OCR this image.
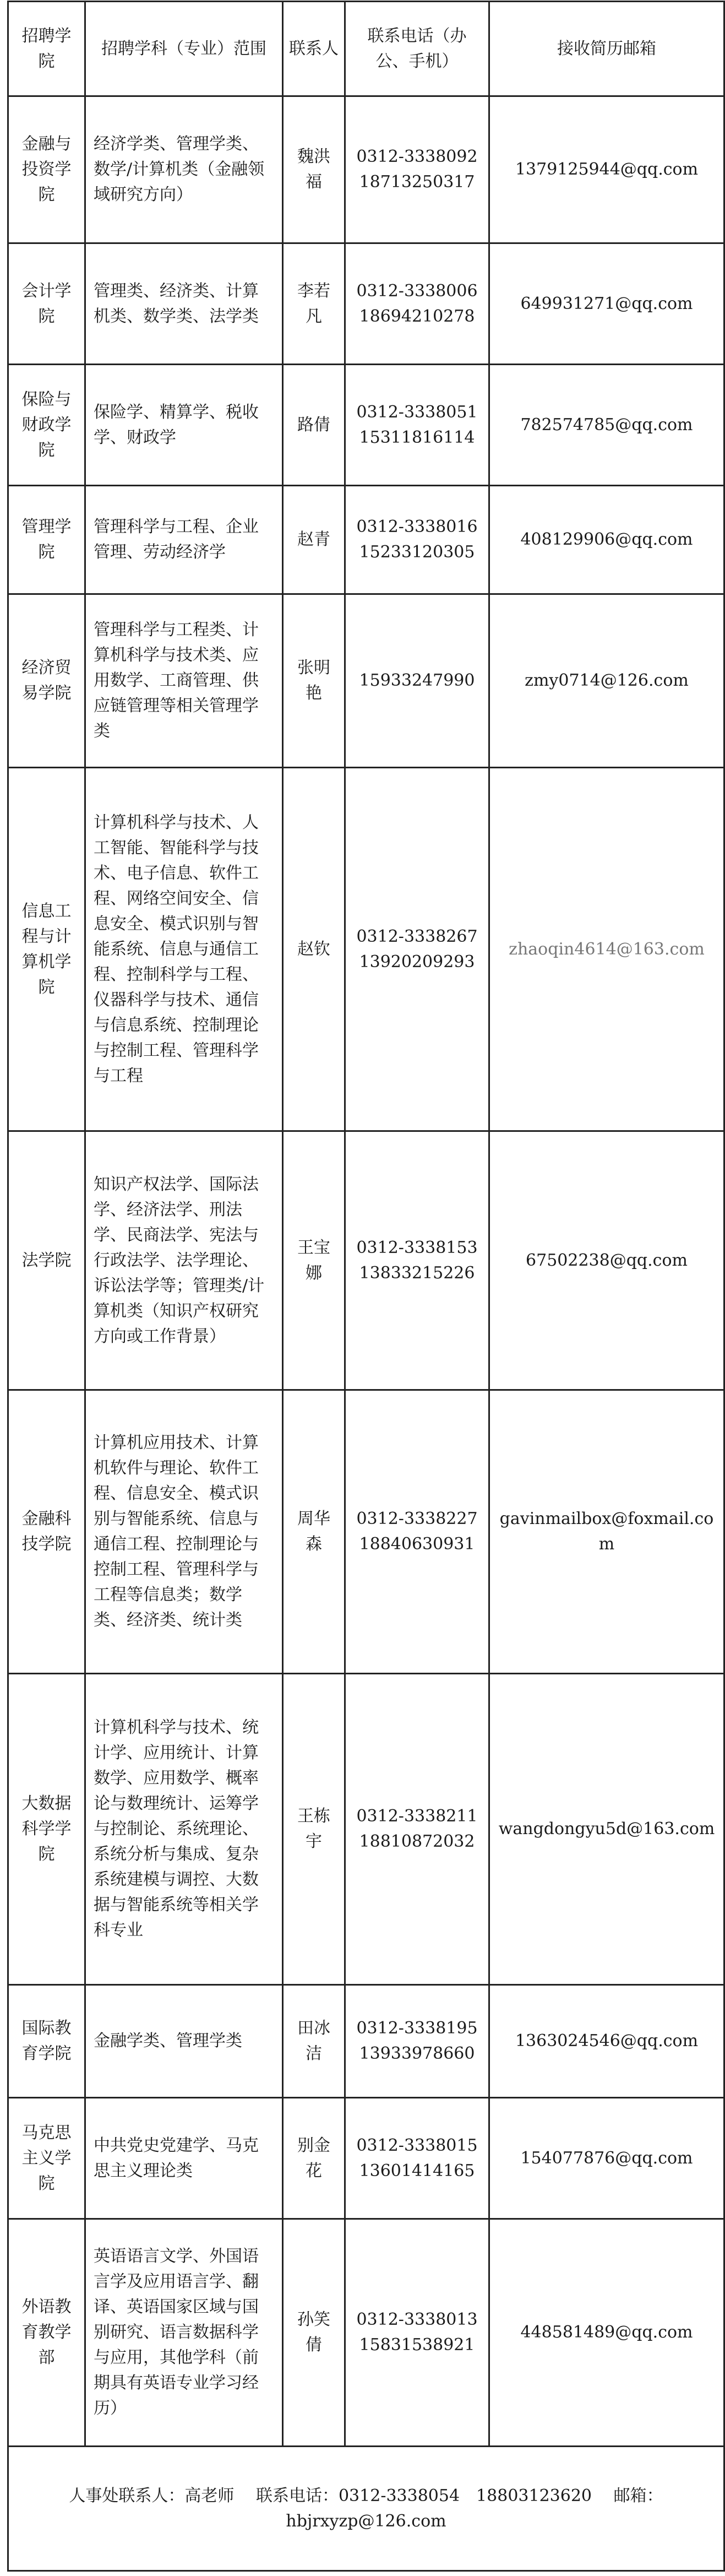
招聘学院	招聘学科（专业）范围	联系人	联系电话（办公、手机）	接收简历邮箱
金融与投资学院	经济学类、管理学类、数学/计算机类（金融领域研究方向）	魏洪福	0312-3338092
18713250317	1379125944@qq.com
会计学院	管理类、经济类、计算机类、数学类、法学类	李若凡	0312-3338006
18694210278	649931271@qq.com
保险与财政学院	保险学、精算学、税收学、财政学	路倩	0312-3338051
15311816114	782574785@qq.com
管理学院	管理科学与工程、企业管理、劳动经济学	赵青	0312-3338016
15233120305	408129906@qq.com
经济贸易学院	管理科学与工程类、计算机科学与技术类、应用数学、工商管理、供应链管理等相关管理学类	张明艳	15933247990	zmy0714@126.com
信息工程与计算机学院	计算机科学与技术、人工智能、智能科学与技术、电子信息、软件工程、网络空间安全、信息安全、模式识别与智能系统、信息与通信工程、控制科学与工程、仪器科学与技术、通信与信息系统、控制理论与控制工程、管理科学与工程	赵钦	0312-3338267
13920209293	zhaoqin4614@163.com
法学院	知识产权法学、国际法学、经济法学、刑法学、民商法学、宪法与行政法学、法学理论、诉讼法学等；管理类/计算机类（知识产权研究方向或工作背景）	王宝娜	0312-3338153
13833215226	67502238@qq.com
金融科技学院	计算机应用技术、计算机软件与理论、软件工程、信息安全、模式识别与智能系统、信息与通信工程、控制理论与控制工程、管理科学与工程等信息类；数学类、经济类、统计类	周华森	0312-3338227
18840630931	gavinmailbox@foxmail.com
大数据科学学院	计算机科学与技术、统计学、应用统计、计算数学、应用数学、概率论与数理统计、运筹学与控制论、系统理论、系统分析与集成、复杂系统建模与调控、大数据与智能系统等相关学科专业	王栋宇	0312-3338211
18810872032	wangdongyu5d@163.com
国际教育学院	金融学类、管理学类	田冰洁	0312-3338195
13933978660	1363024546@qq.com
马克思主义学院	中共党史党建学、马克思主义理论类	别金花	0312-3338015
13601414165	154077876@qq.com
外语教育教学部	英语语言文学、外国语言学及应用语言学、翻译、英语国家区域与国别研究、语言数据科学与应用，其他学科（前期具有英语专业学习经历）	孙笑倩	0312-3338013
15831538921	448581489@qq.com
人事处联系人：高老师　 联系电话：0312-3338054　18803123620　 邮箱：
hbjrxyzp@126.com				
